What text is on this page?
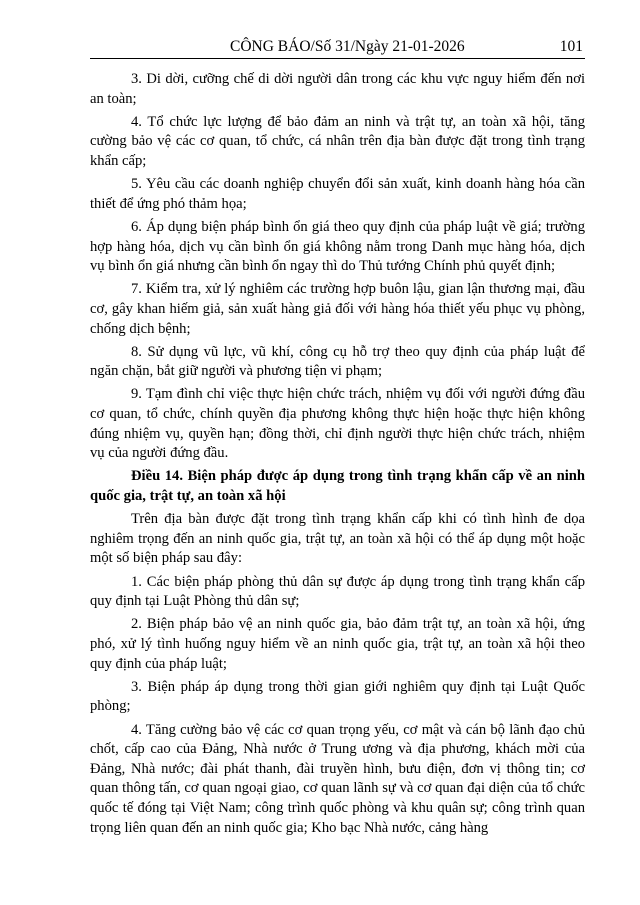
CÔNG BÁO/Số 31/Ngày 21-01-2026	101

3. Di dời, cưỡng chế di dời người dân trong các khu vực nguy hiểm đến nơi an toàn;

4. Tổ chức lực lượng để bảo đảm an ninh và trật tự, an toàn xã hội, tăng cường bảo vệ các cơ quan, tổ chức, cá nhân trên địa bàn được đặt trong tình trạng khẩn cấp;

5. Yêu cầu các doanh nghiệp chuyển đổi sản xuất, kinh doanh hàng hóa cần thiết để ứng phó thảm họa;

6. Áp dụng biện pháp bình ổn giá theo quy định của pháp luật về giá; trường hợp hàng hóa, dịch vụ cần bình ổn giá không nằm trong Danh mục hàng hóa, dịch vụ bình ổn giá nhưng cần bình ổn ngay thì do Thủ tướng Chính phủ quyết định;

7. Kiểm tra, xử lý nghiêm các trường hợp buôn lậu, gian lận thương mại, đầu cơ, gây khan hiếm giả, sản xuất hàng giả đối với hàng hóa thiết yếu phục vụ phòng, chống dịch bệnh;

8. Sử dụng vũ lực, vũ khí, công cụ hỗ trợ theo quy định của pháp luật để ngăn chặn, bắt giữ người và phương tiện vi phạm;

9. Tạm đình chỉ việc thực hiện chức trách, nhiệm vụ đối với người đứng đầu cơ quan, tổ chức, chính quyền địa phương không thực hiện hoặc thực hiện không đúng nhiệm vụ, quyền hạn; đồng thời, chỉ định người thực hiện chức trách, nhiệm vụ của người đứng đầu.

Điều 14. Biện pháp được áp dụng trong tình trạng khẩn cấp về an ninh quốc gia, trật tự, an toàn xã hội

Trên địa bàn được đặt trong tình trạng khẩn cấp khi có tình hình đe dọa nghiêm trọng đến an ninh quốc gia, trật tự, an toàn xã hội có thể áp dụng một hoặc một số biện pháp sau đây:

1. Các biện pháp phòng thủ dân sự được áp dụng trong tình trạng khẩn cấp quy định tại Luật Phòng thủ dân sự;

2. Biện pháp bảo vệ an ninh quốc gia, bảo đảm trật tự, an toàn xã hội, ứng phó, xử lý tình huống nguy hiểm về an ninh quốc gia, trật tự, an toàn xã hội theo quy định của pháp luật;

3. Biện pháp áp dụng trong thời gian giới nghiêm quy định tại Luật Quốc phòng;

4. Tăng cường bảo vệ các cơ quan trọng yếu, cơ mật và cán bộ lãnh đạo chủ chốt, cấp cao của Đảng, Nhà nước ở Trung ương và địa phương, khách mời của Đảng, Nhà nước; đài phát thanh, đài truyền hình, bưu điện, đơn vị thông tin; cơ quan thông tấn, cơ quan ngoại giao, cơ quan lãnh sự và cơ quan đại diện của tổ chức quốc tế đóng tại Việt Nam; công trình quốc phòng và khu quân sự; công trình quan trọng liên quan đến an ninh quốc gia; Kho bạc Nhà nước, cảng hàng
